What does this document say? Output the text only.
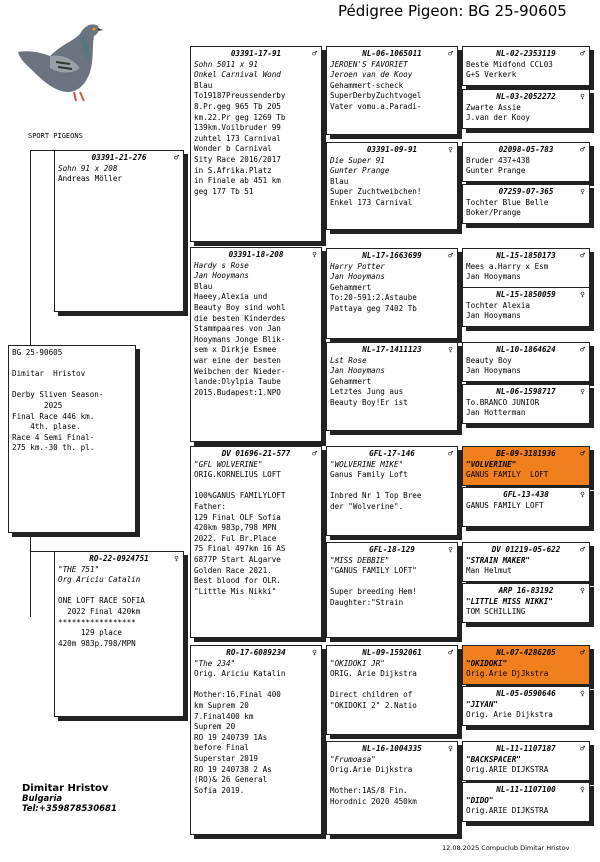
Pédigree Pigeon: BG 25-90605
SPORT PIGEONS
Dimitar Hristov
Bulgaria
Tel:+359878530681
12.08.2025 Compuclub Dimitar Hristov
BG 25-90605

Dimitar  Hristov

Derby Sliven Season-
2025
Final Race 446 km.
4th. plase.
Race 4 Semi Final-
275 km.-30 th. pl.
03391-21-276	♂
Sohn 91 x 208
Andreas Möller
RO-22-0924751	♀
"THE 751"
Org Ariciu Catalin

ONE LOFT RACE SOFIA
2022 Final 420km
*****************
129 place
420m 983p.798/MPN
03391-17-91	♂
Sohn 5011 x 91
Onkel Carnival Wond
Blau
To19187Preussenderby
8.Pr.geg 965 Tb 205
km.22.Pr geg 1269 Tb
139km.Voilbruder 99
zuhtel 173 Carnival
Wonder b Carnival
Sity Race 2016/2017
in S.Afrika.Platz
in Finale ab 451 km
geg 177 Tb 51
03391-18-208	♀
Hardy s Rose
Jan Hooymans
Blau
Haeey,Alexia und
Beauty Boy sind wohl
die besten Kinderdes
Stammpaares von Jan
Hooymans Jonge Blik-
sem x Dirkje Esmee
war eine der besten
Weibchen der Nieder-
lande:Olylpia Taube
2015.Budapest:1.NPO
DV 01696-21-577	♂
"GFL WOLVERINE"
ORIG.KORNELIUS LOFT

100%GANUS FAMILYLOFT
Father:
129 Final OLF Sofia
420km 983p,798 MPN
2022. Ful Br.Place
75 Final 497km 16 AS
6877P Start ALgarve
Golden Race 2021.
Best blood for OLR.
"Little Mis Nikki"
RO-17-6089234	♀
"The 234"
Orig. Ariciu Katalin

Mother:16.Final 400
km Suprem 20
7.Final400 km
Suprem 20
RO 19 240739 1As
before Final
Superstar 2019
RO 19 240738 2 As
(RO)& 26 General
Sofia 2019.
NL-06-1065011	♂
JEROEN'S FAVORIET
Jeroen van de Kooy
Gehammert-scheck
SuperDerbyZuchtvogel
Vater vomu.a.Paradi-
03391-09-91	♀
Die Super 91
Gunter Prange
Blau
Super Zuchtweibchen!
Enkel 173 Carnival
NL-17-1663699	♂
Harry Potter
Jan Hooymans
Gehammert
To:20-591:2.Astaube
Pattaya geg 7402 Tb
NL-17-1411123	♀
Lst Rose
Jan Hooymans
Gehammert
Letztes Jung aus
Beauty Boy!Er ist
GFL-17-146	♂
"WOLVERINE MIKE"
Ganus Family Loft

Inbred Nr 1 Top Bree
der "Wolverine".
GFL-18-129	♀
"MISS DEBBIE"
"GANUS FAMILY LOFT"

Super breeding Hem!
Daughter:"Strain
NL-09-1592061	♂
"OKIDOKI JR"
ORIG. Arie Dijkstra

Direct children of
"OKIDOKI 2" 2.Natio
NL-16-1004335	♀
"Frumoasa"
Orig.Arie Dijkstra

Mother:1AS/8 Fin.
Horodnic 2020 450km
NL-02-2353119	♂
Beste Midfond CCL03
G+S Verkerk
NL-03-2052272	♀
Zwarte Assie
J.van der Kooy
02098-05-783	♂
Bruder 437+438
Gunter Prange
07259-07-365	♀
Tochter Blue Belle
Boker/Prange
NL-15-1850173	♂
Mees a.Harry x Esm
Jan Hooymans
NL-15-1850059	♀
Tochter Alexia
Jan Hooymans
NL-10-1864624	♂
Beauty Boy
Jan Hooymans
NL-06-1598717	♀
To.BRANCO JUNIOR
Jan Hotterman
BE-09-3181936	♂
"VOLVERINE"
GANUS FAMILY  LOFT
GFL-13-438	♀
GANUS FAMILY LOFT
DV 01219-05-622 ♂
"STRAIN MAKER"
Man Helmut
ARP 16-83192	♀
"LITTLE MISS NIKKI"
TOM SCHILLING
NL-07-4286205	♂
"OKIDOKI"
Orig.Arie DjJkstra
NL-05-0590646	♀
"JIYAN"
Orig. Arie Dijkstra
NL-11-1107187	♂
"BACKSPACER"
Orig.ARIE DIJKSTRA
NL-11-1107100	♀
"DIDO"
Orig.ARIE DIJKSTRA
